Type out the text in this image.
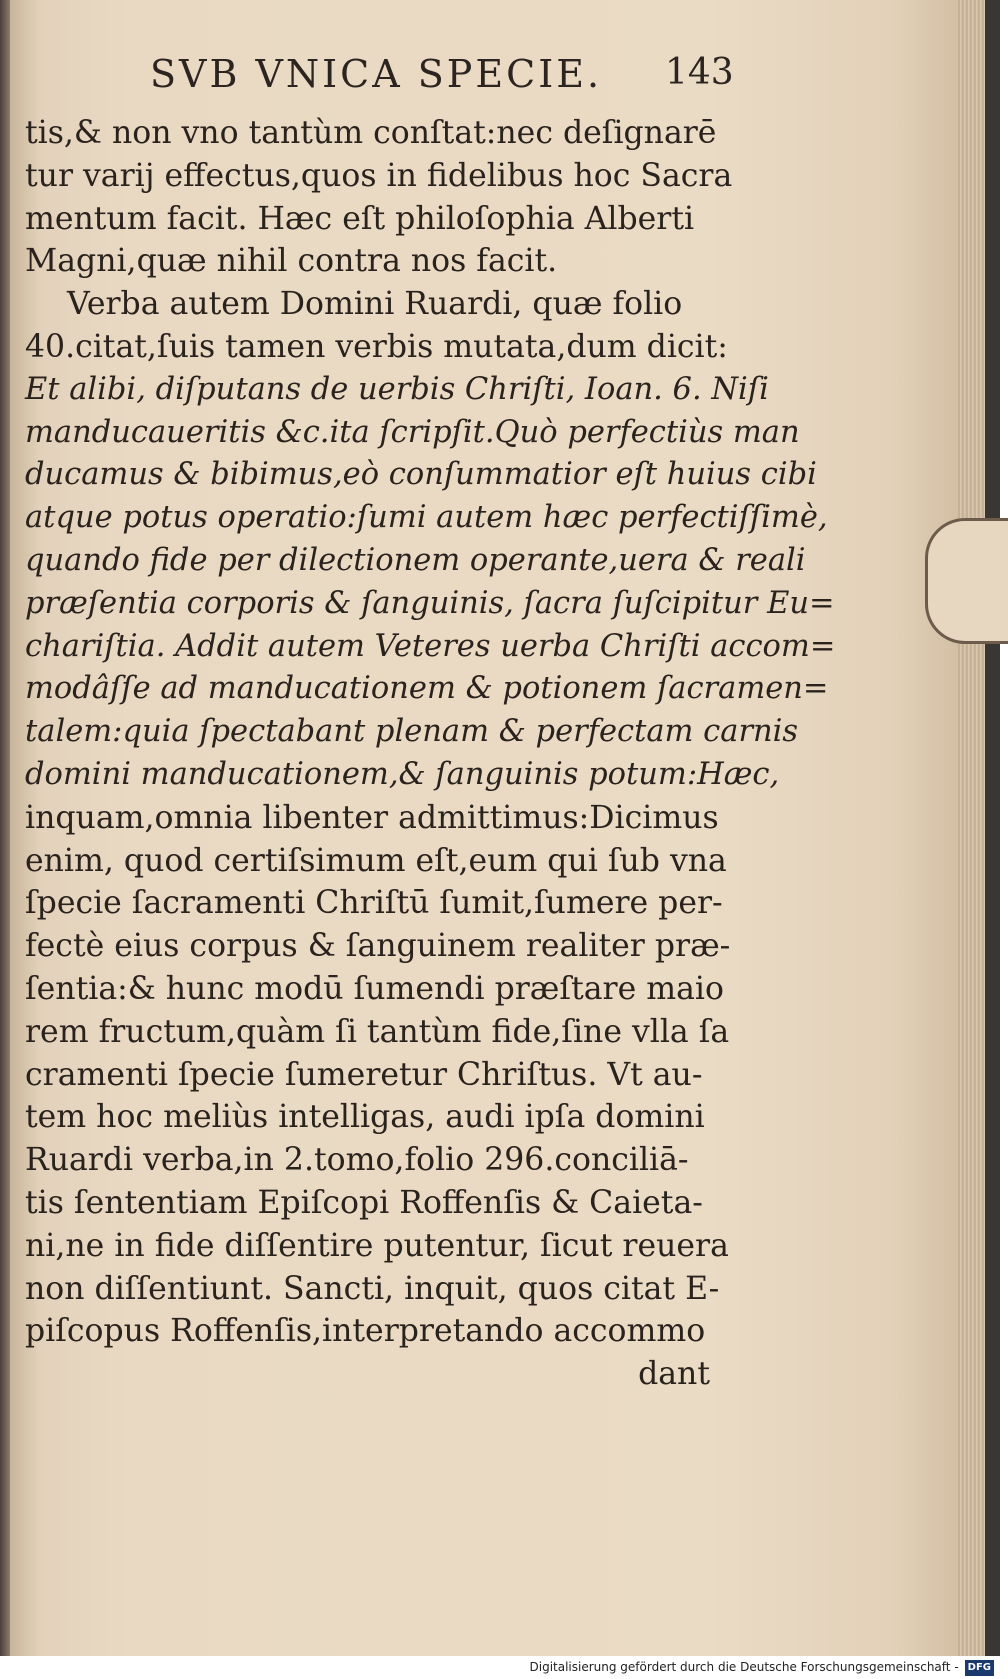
SVB VNICA SPECIE. 143
tis,& non vno tantùm conſtat:nec deſignarē
tur varij effectus,quos in fidelibus hoc Sacra
mentum facit. Hæc eſt philoſophia Alberti
Magni,quæ nihil contra nos facit.
Verba autem Domini Ruardi, quæ folio
40.citat,ſuis tamen verbis mutata,dum dicit:
Et alibi, diſputans de uerbis Chriſti, Ioan. 6. Niſi
manducaueritis &c.ita ſcripſit.Quò perfectiùs man
ducamus & bibimus,eò conſummatior eſt huius cibi
atque potus operatio:ſumi autem hæc perfectiſſimè,
quando fide per dilectionem operante,uera & reali
præſentia corporis & ſanguinis, ſacra ſuſcipitur Eu=
chariſtia. Addit autem Veteres uerba Chriſti accom=
modâſſe ad manducationem & potionem ſacramen=
talem:quia ſpectabant plenam & perfectam carnis
domini manducationem,& ſanguinis potum:Hæc,
inquam,omnia libenter admittimus:Dicimus
enim, quod certiſsimum eſt,eum qui ſub vna
ſpecie ſacramenti Chriſtū ſumit,ſumere per-
fectè eius corpus & ſanguinem realiter præ-
ſentia:& hunc modū ſumendi præſtare maio
rem fructum,quàm ſi tantùm fide,ſine vlla ſa
cramenti ſpecie ſumeretur Chriſtus. Vt au-
tem hoc meliùs intelligas, audi ipſa domini
Ruardi verba,in 2.tomo,folio 296.conciliā-
tis ſententiam Epiſcopi Roffenſis & Caieta-
ni,ne in fide diſſentire putentur, ſicut reuera
non diſſentiunt. Sancti, inquit, quos citat E-
piſcopus Roffenſis,interpretando accommo
dant
Digitalisierung gefördert durch die Deutsche Forschungsgemeinschaft - DFG
